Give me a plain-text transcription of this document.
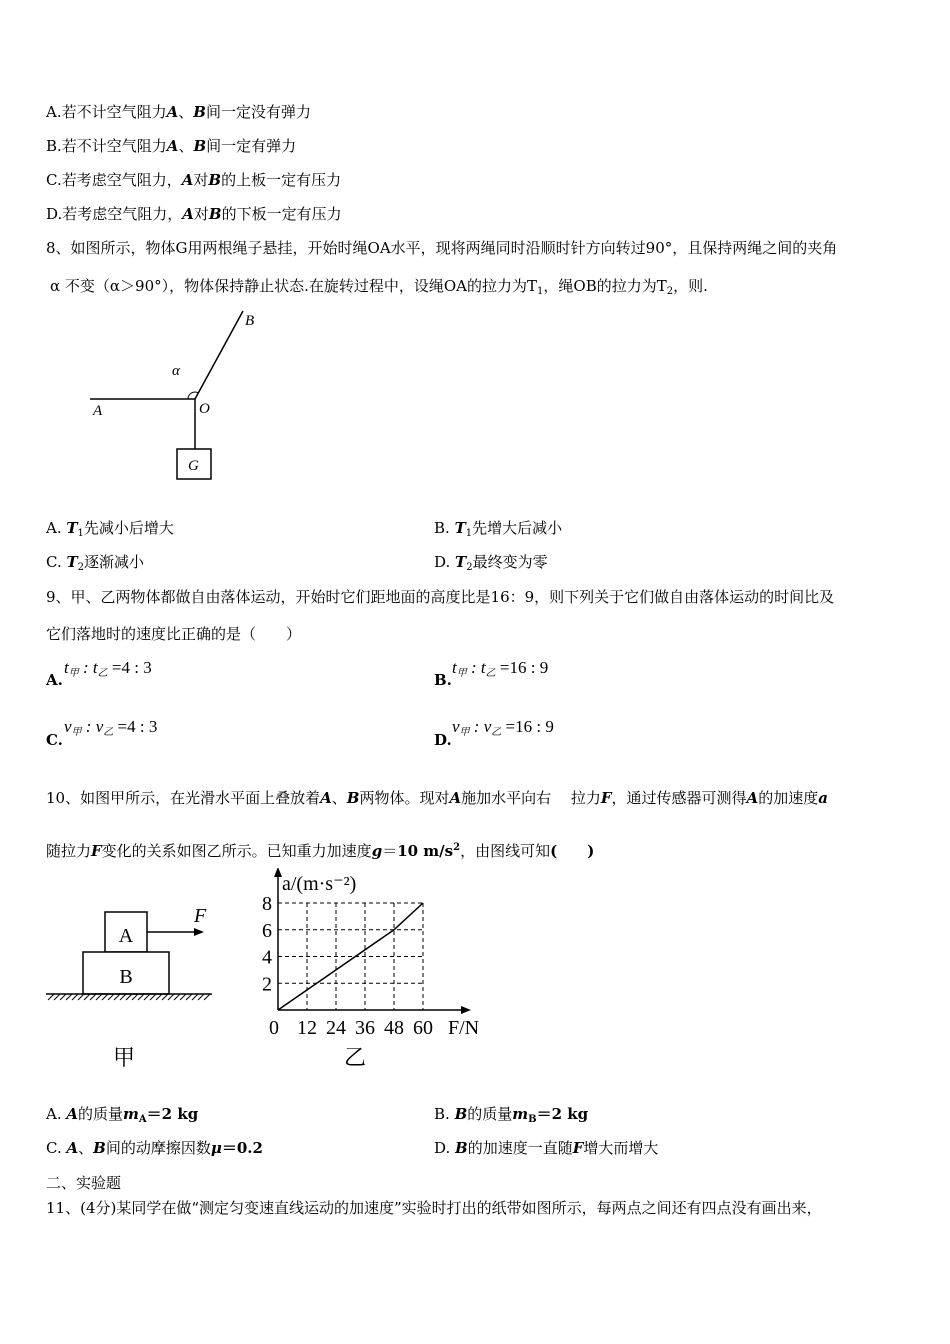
A.若不计空气阻力A、B间一定没有弹力
B.若不计空气阻力A、B间一定有弹力
C.若考虑空气阻力，A对B的上板一定有压力
D.若考虑空气阻力，A对B的下板一定有压力
8、如图所示，物体G用两根绳子悬挂，开始时绳OA水平，现将两绳同时沿顺时针方向转过90°，且保持两绳之间的夹角
α 不变（α＞90°），物体保持静止状态.在旋转过程中，设绳OA的拉力为$T_1$，绳OB的拉力为$T_2$，则.
A
B
O
α
G
A. $T_1$先减小后增大	B. $T_1$先增大后减小
C. $T_2$逐渐减小	D. $T_2$最终变为零
9、甲、乙两物体都做自由落体运动，开始时它们距地面的高度比是16：9，则下列关于它们做自由落体运动的时间比及
它们落地时的速度比正确的是（　　）
A.
$t_甲$ : $t_乙 =4$ : 3
B.
$t_甲$ : $t_乙 =16$ : 9
C.
$v_甲$ : $v_乙 =4$ : 3
D.
$v_甲$ : $v_乙 =16$ : 9
10、如图甲所示，在光滑水平面上叠放着A、B两物体。现对A施加水平向右　 拉力F，通过传感器可测得A的加速度a
随拉力F变化的关系如图乙所示。已知重力加速度g＝10 $m/s^2$，由图线可知(　　)
A
B
F
甲
0 12 24 36 48 60
2
4
6
8
a/(m·s⁻²)
F/N
乙
A. A的质量$m_A=2$ kg	B. B的质量$m_B=2$ kg
C. A、B间的动摩擦因数μ＝0.2	D. B的加速度一直随F增大而增大
二、实验题
11、(4分)某同学在做“测定匀变速直线运动的加速度”实验时打出的纸带如图所示，每两点之间还有四点没有画出来，
